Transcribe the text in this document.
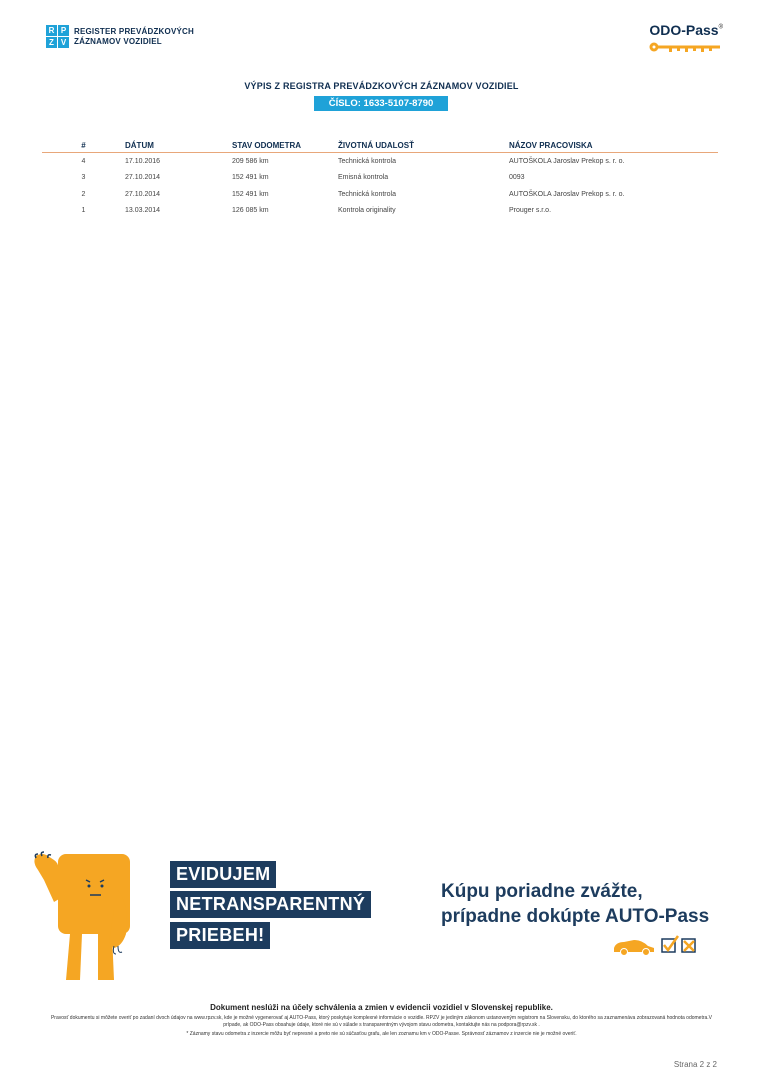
R P
Z V
REGISTER PREVÁDZKOVÝCH
ZÁZNAMOV VOZIDIEL
ODO-Pass®
VÝPIS Z REGISTRA PREVÁDZKOVÝCH ZÁZNAMOV VOZIDIEL
ČÍSLO: 1633-5107-8790
#	DÁTUM	STAV ODOMETRA	ŽIVOTNÁ UDALOSŤ	NÁZOV PRACOVISKA
4	17.10.2016	209 586 km	Technická kontrola	AUTOŠKOLA Jaroslav Prekop s. r. o.
3	27.10.2014	152 491 km	Emisná kontrola	0093
2	27.10.2014	152 491 km	Technická kontrola	AUTOŠKOLA Jaroslav Prekop s. r. o.
1	13.03.2014	126 085 km	Kontrola originality	Prouger s.r.o.
EVIDUJEM
NETRANSPARENTNÝ
PRIEBEH!
Kúpu poriadne zvážte,
prípadne dokúpte AUTO-Pass
Dokument neslúži na účely schválenia a zmien v evidencii vozidiel v Slovenskej republike.
Pravosť dokumentu si môžete overiť po zadaní dvoch údajov na www.rpzv.sk, kde je možné vygenerovať aj AUTO-Pass, ktorý poskytuje komplexné informácie o vozidle. RPZV je jediným zákonom ustanoveným registrom na Slovensku, do ktorého sa zaznamenáva zobrazovaná hodnota odometra.V prípade, ak ODO-Pass obsahuje údaje, ktoré nie sú v súlade s transparentným vývojom stavu odometra, kontaktujte nás na podpora@rpzv.sk .
* Záznamy stavu odometra z inzercie môžu byť nepresné a preto nie sú súčasťou grafu, ale len zoznamu km v ODO-Passe. Správnosť záznamov z inzercie nie je možné overiť.
Strana 2 z 2
